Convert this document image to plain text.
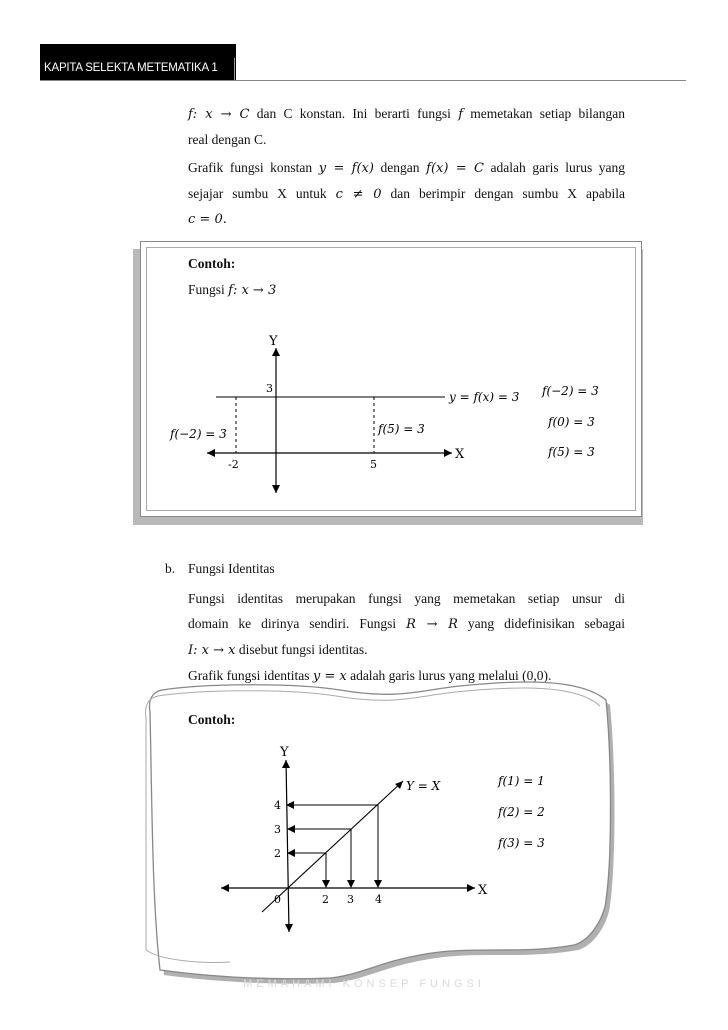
KAPITA SELEKTA METEMATIKA 1

f: x → C dan C konstan. Ini berarti fungsi f memetakan setiap bilangan

real dengan C.

Grafik fungsi konstan y = f(x) dengan f(x) = C adalah garis lurus yang

sejajar sumbu X untuk c ≠ 0 dan berimpir dengan sumbu X apabila

c = 0.

Contoh:
Fungsi f: x → 3
Y
X
3
-2	5
y = f(x) = 3
f(−2) = 3	f(5) = 3
f(−2) = 3
f(0) = 3
f(5) = 3
b. Fungsi Identitas

Fungsi identitas merupakan fungsi yang memetakan setiap unsur di

domain ke dirinya sendiri. Fungsi R → R yang didefinisikan sebagai

I: x → x disebut fungsi identitas.

Grafik fungsi identitas y = x adalah garis lurus yang melalui (0,0).

Y
X
Y = X
0	2 3 4
4
3
2
f(1) = 1
f(2) = 2
f(3) = 3
Contoh:
MEMAHAMI KONSEP FUNGSI
